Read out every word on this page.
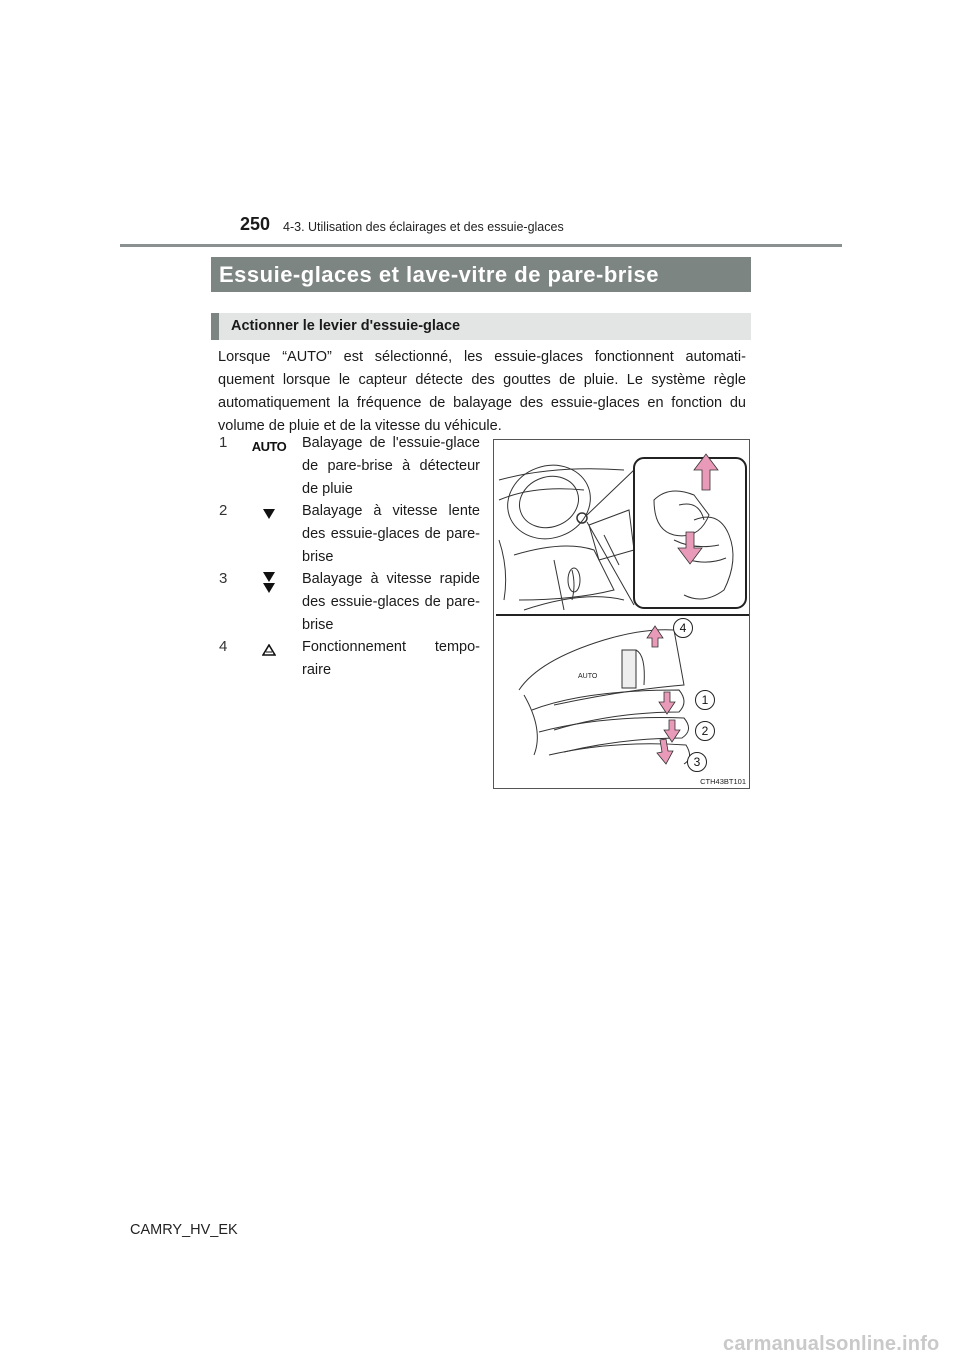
250 4-3. Utilisation des éclairages et des essuie-glaces
Essuie-glaces et lave-vitre de pare-brise
Actionner le levier d'essuie-glace

Lorsque “AUTO” est sélectionné, les essuie-glaces fonctionnent automati-quement lorsque le capteur détecte des gouttes de pluie. Le système règle automatiquement la fréquence de balayage des essuie-glaces en fonction du volume de pluie et de la vitesse du véhicule.

1 AUTO Balayage de l'essuie-glace de pare-brise à détecteur de pluie

2	Balayage à vitesse lente des essuie-glaces de pare-brise

3	Balayage à vitesse rapide des essuie-glaces de pare-brise

4	Fonctionnement tempo-raire	AUTO
4
1
2
3
CTH43BT101
CAMRY_HV_EK
carmanualsonline.info
